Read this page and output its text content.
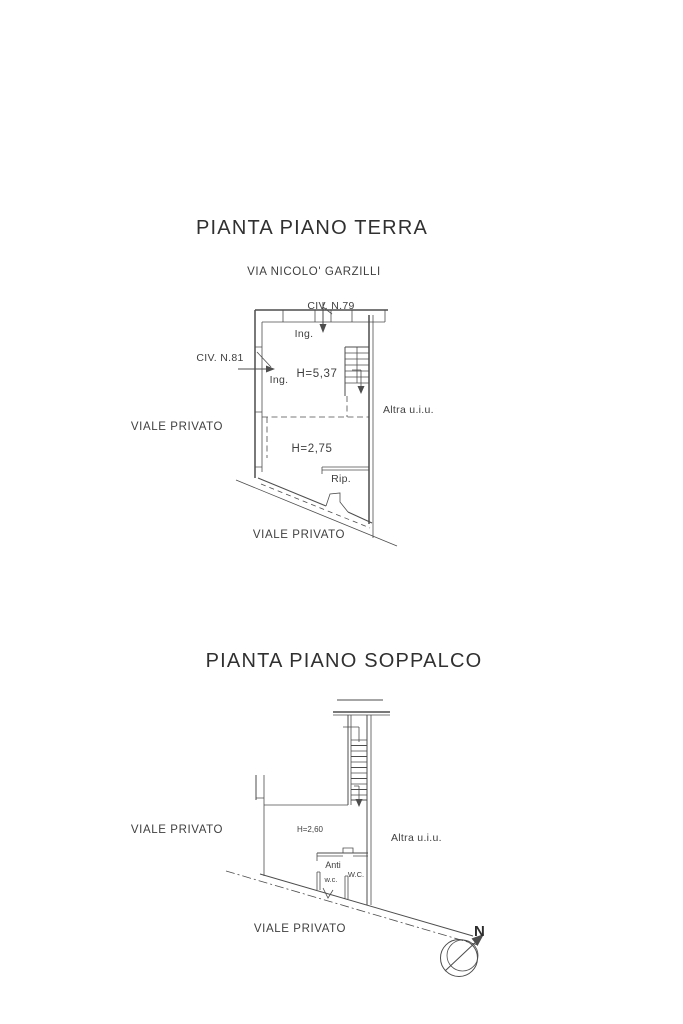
PIANTA PIANO TERRA
VIA NICOLO' GARZILLI
CIV. N.79
CIV. N.81
Ing.
Ing. H=5,37
H=2,75
Rip.
Altra u.i.u.
VIALE PRIVATO
VIALE PRIVATO
PIANTA PIANO SOPPALCO
H=2,60
Altra u.i.u.
Anti
w.c.
W.C.
VIALE PRIVATO
VIALE PRIVATO	N
